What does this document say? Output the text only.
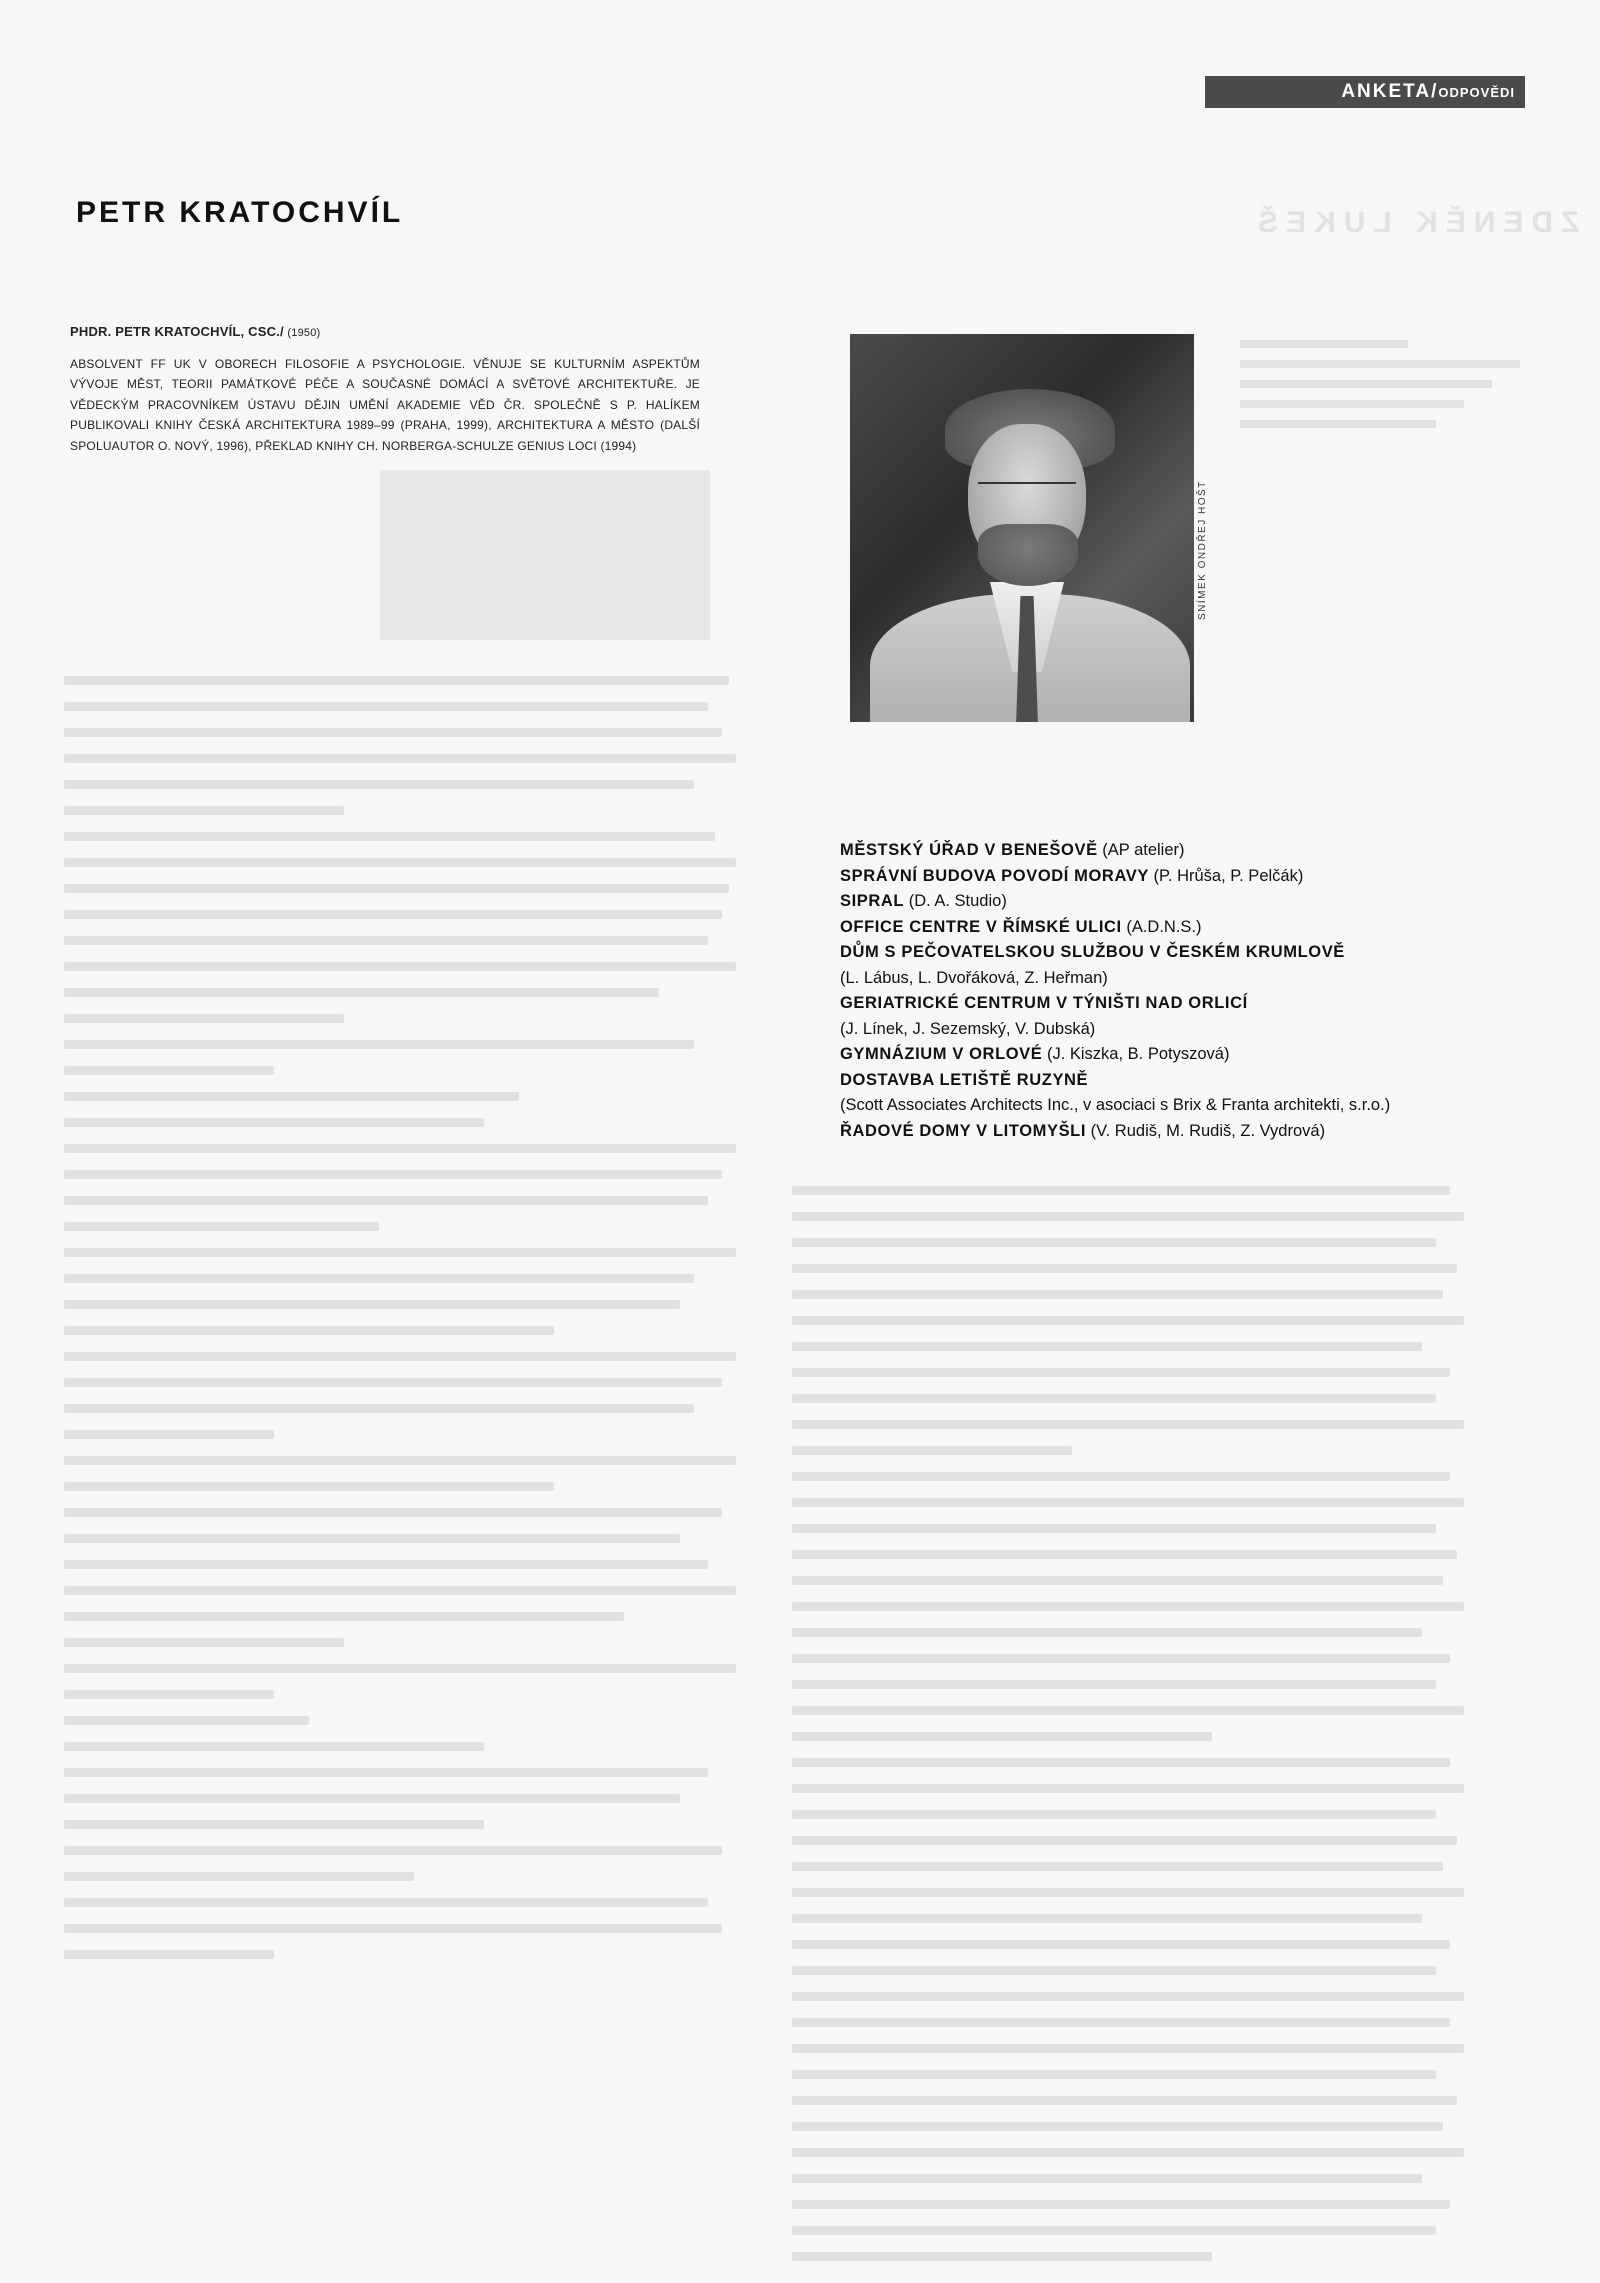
ZDENĚK LUKEŠ
ANKETA/ ODPOVĚDI
PETR KRATOCHVÍL
PHDR. PETR KRATOCHVÍL, CSC./ (1950)
ABSOLVENT FF UK V OBORECH FILOSOFIE A PSYCHOLOGIE. VĚNUJE SE KULTURNÍM ASPEKTŮM VÝVOJE MĚST, TEORII PAMÁTKOVÉ PÉČE A SOUČASNÉ DOMÁCÍ A SVĚTOVÉ ARCHITEKTUŘE. JE VĚDECKÝM PRACOVNÍKEM ÚSTAVU DĚJIN UMĚNÍ AKADEMIE VĚD ČR. SPOLEČNĚ S P. HALÍKEM PUBLIKOVALI KNIHY ČESKÁ ARCHITEKTURA 1989–99 (PRAHA, 1999), ARCHITEKTURA A MĚSTO (DALŠÍ SPOLUAUTOR O. NOVÝ, 1996), PŘEKLAD KNIHY CH. NORBERGA-SCHULZE GENIUS LOCI (1994)
SNÍMEK ONDŘEJ HOŠT
MĚSTSKÝ ÚŘAD V BENEŠOVĚ (AP atelier)
SPRÁVNÍ BUDOVA POVODÍ MORAVY (P. Hrůša, P. Pelčák)
SIPRAL (D. A. Studio)
OFFICE CENTRE V ŘÍMSKÉ ULICI (A.D.N.S.)
DŮM S PEČOVATELSKOU SLUŽBOU V ČESKÉM KRUMLOVĚ
(L. Lábus, L. Dvořáková, Z. Heřman)
GERIATRICKÉ CENTRUM V TÝNIŠTI NAD ORLICÍ
(J. Línek, J. Sezemský, V. Dubská)
GYMNÁZIUM V ORLOVÉ (J. Kiszka, B. Potyszová)
DOSTAVBA LETIŠTĚ RUZYNĚ
(Scott Associates Architects Inc., v asociaci s Brix & Franta architekti, s.r.o.)
ŘADOVÉ DOMY V LITOMYŠLI (V. Rudiš, M. Rudiš, Z. Vydrová)
